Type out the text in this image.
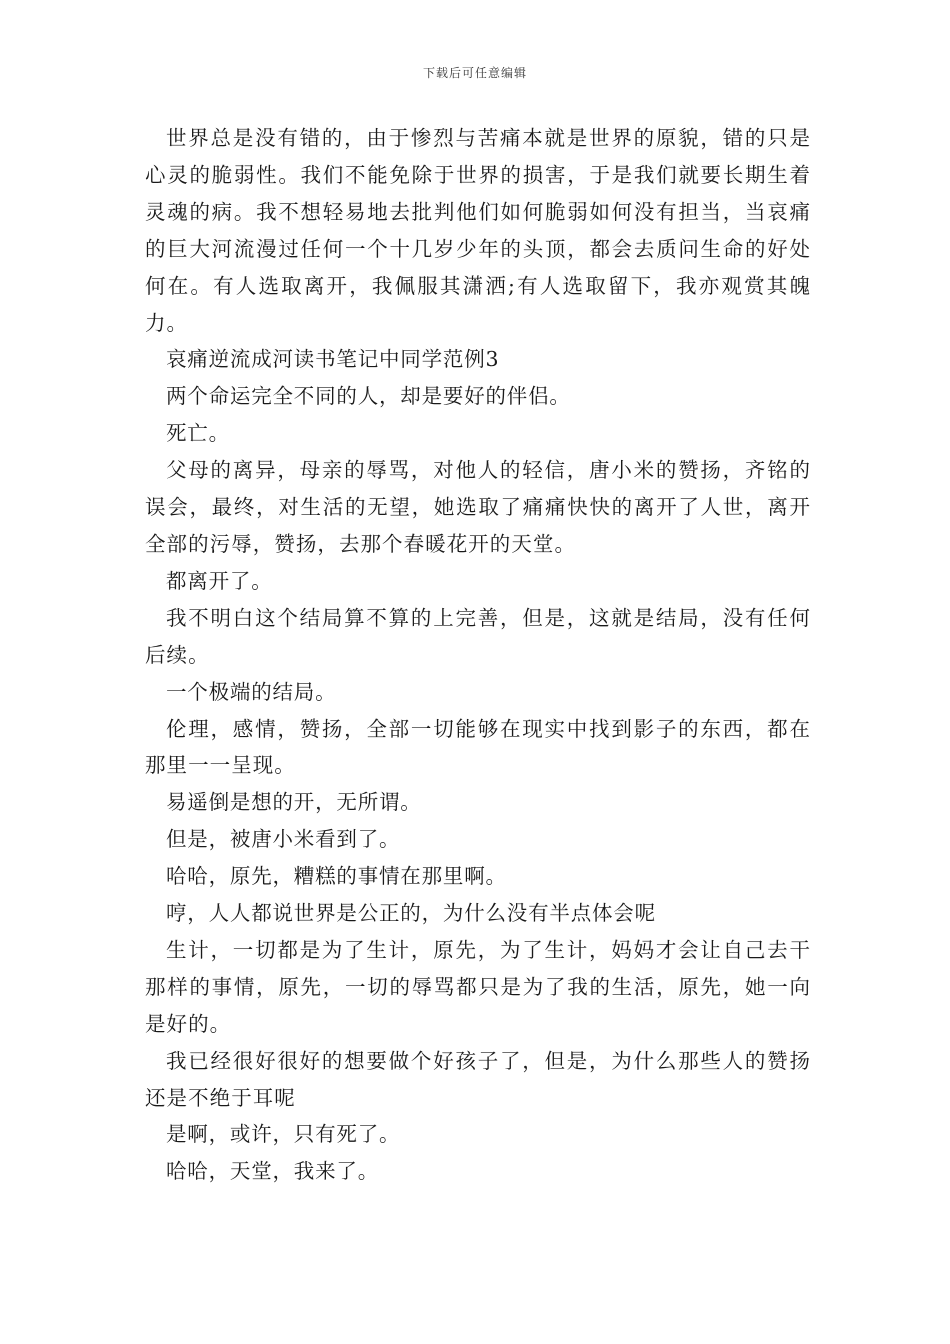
下载后可任意编辑

世界总是没有错的，由于惨烈与苦痛本就是世界的原貌，错的只是心灵的脆弱性。我们不能免除于世界的损害，于是我们就要长期生着灵魂的病。我不想轻易地去批判他们如何脆弱如何没有担当，当哀痛的巨大河流漫过任何一个十几岁少年的头顶，都会去质问生命的好处何在。有人选取离开，我佩服其潇洒;有人选取留下，我亦观赏其魄力。

哀痛逆流成河读书笔记中同学范例3

两个命运完全不同的人，却是要好的伴侣。

死亡。

父母的离异，母亲的辱骂，对他人的轻信，唐小米的赞扬，齐铭的误会，最终，对生活的无望，她选取了痛痛快快的离开了人世，离开全部的污辱，赞扬，去那个春暖花开的天堂。

都离开了。

我不明白这个结局算不算的上完善，但是，这就是结局，没有任何后续。

一个极端的结局。

伦理，感情，赞扬，全部一切能够在现实中找到影子的东西，都在那里一一呈现。

易遥倒是想的开，无所谓。

但是，被唐小米看到了。

哈哈，原先，糟糕的事情在那里啊。

哼，人人都说世界是公正的，为什么没有半点体会呢

生计，一切都是为了生计，原先，为了生计，妈妈才会让自己去干那样的事情，原先，一切的辱骂都只是为了我的生活，原先，她一向是好的。

我已经很好很好的想要做个好孩子了，但是，为什么那些人的赞扬还是不绝于耳呢

是啊，或许，只有死了。

哈哈，天堂，我来了。
